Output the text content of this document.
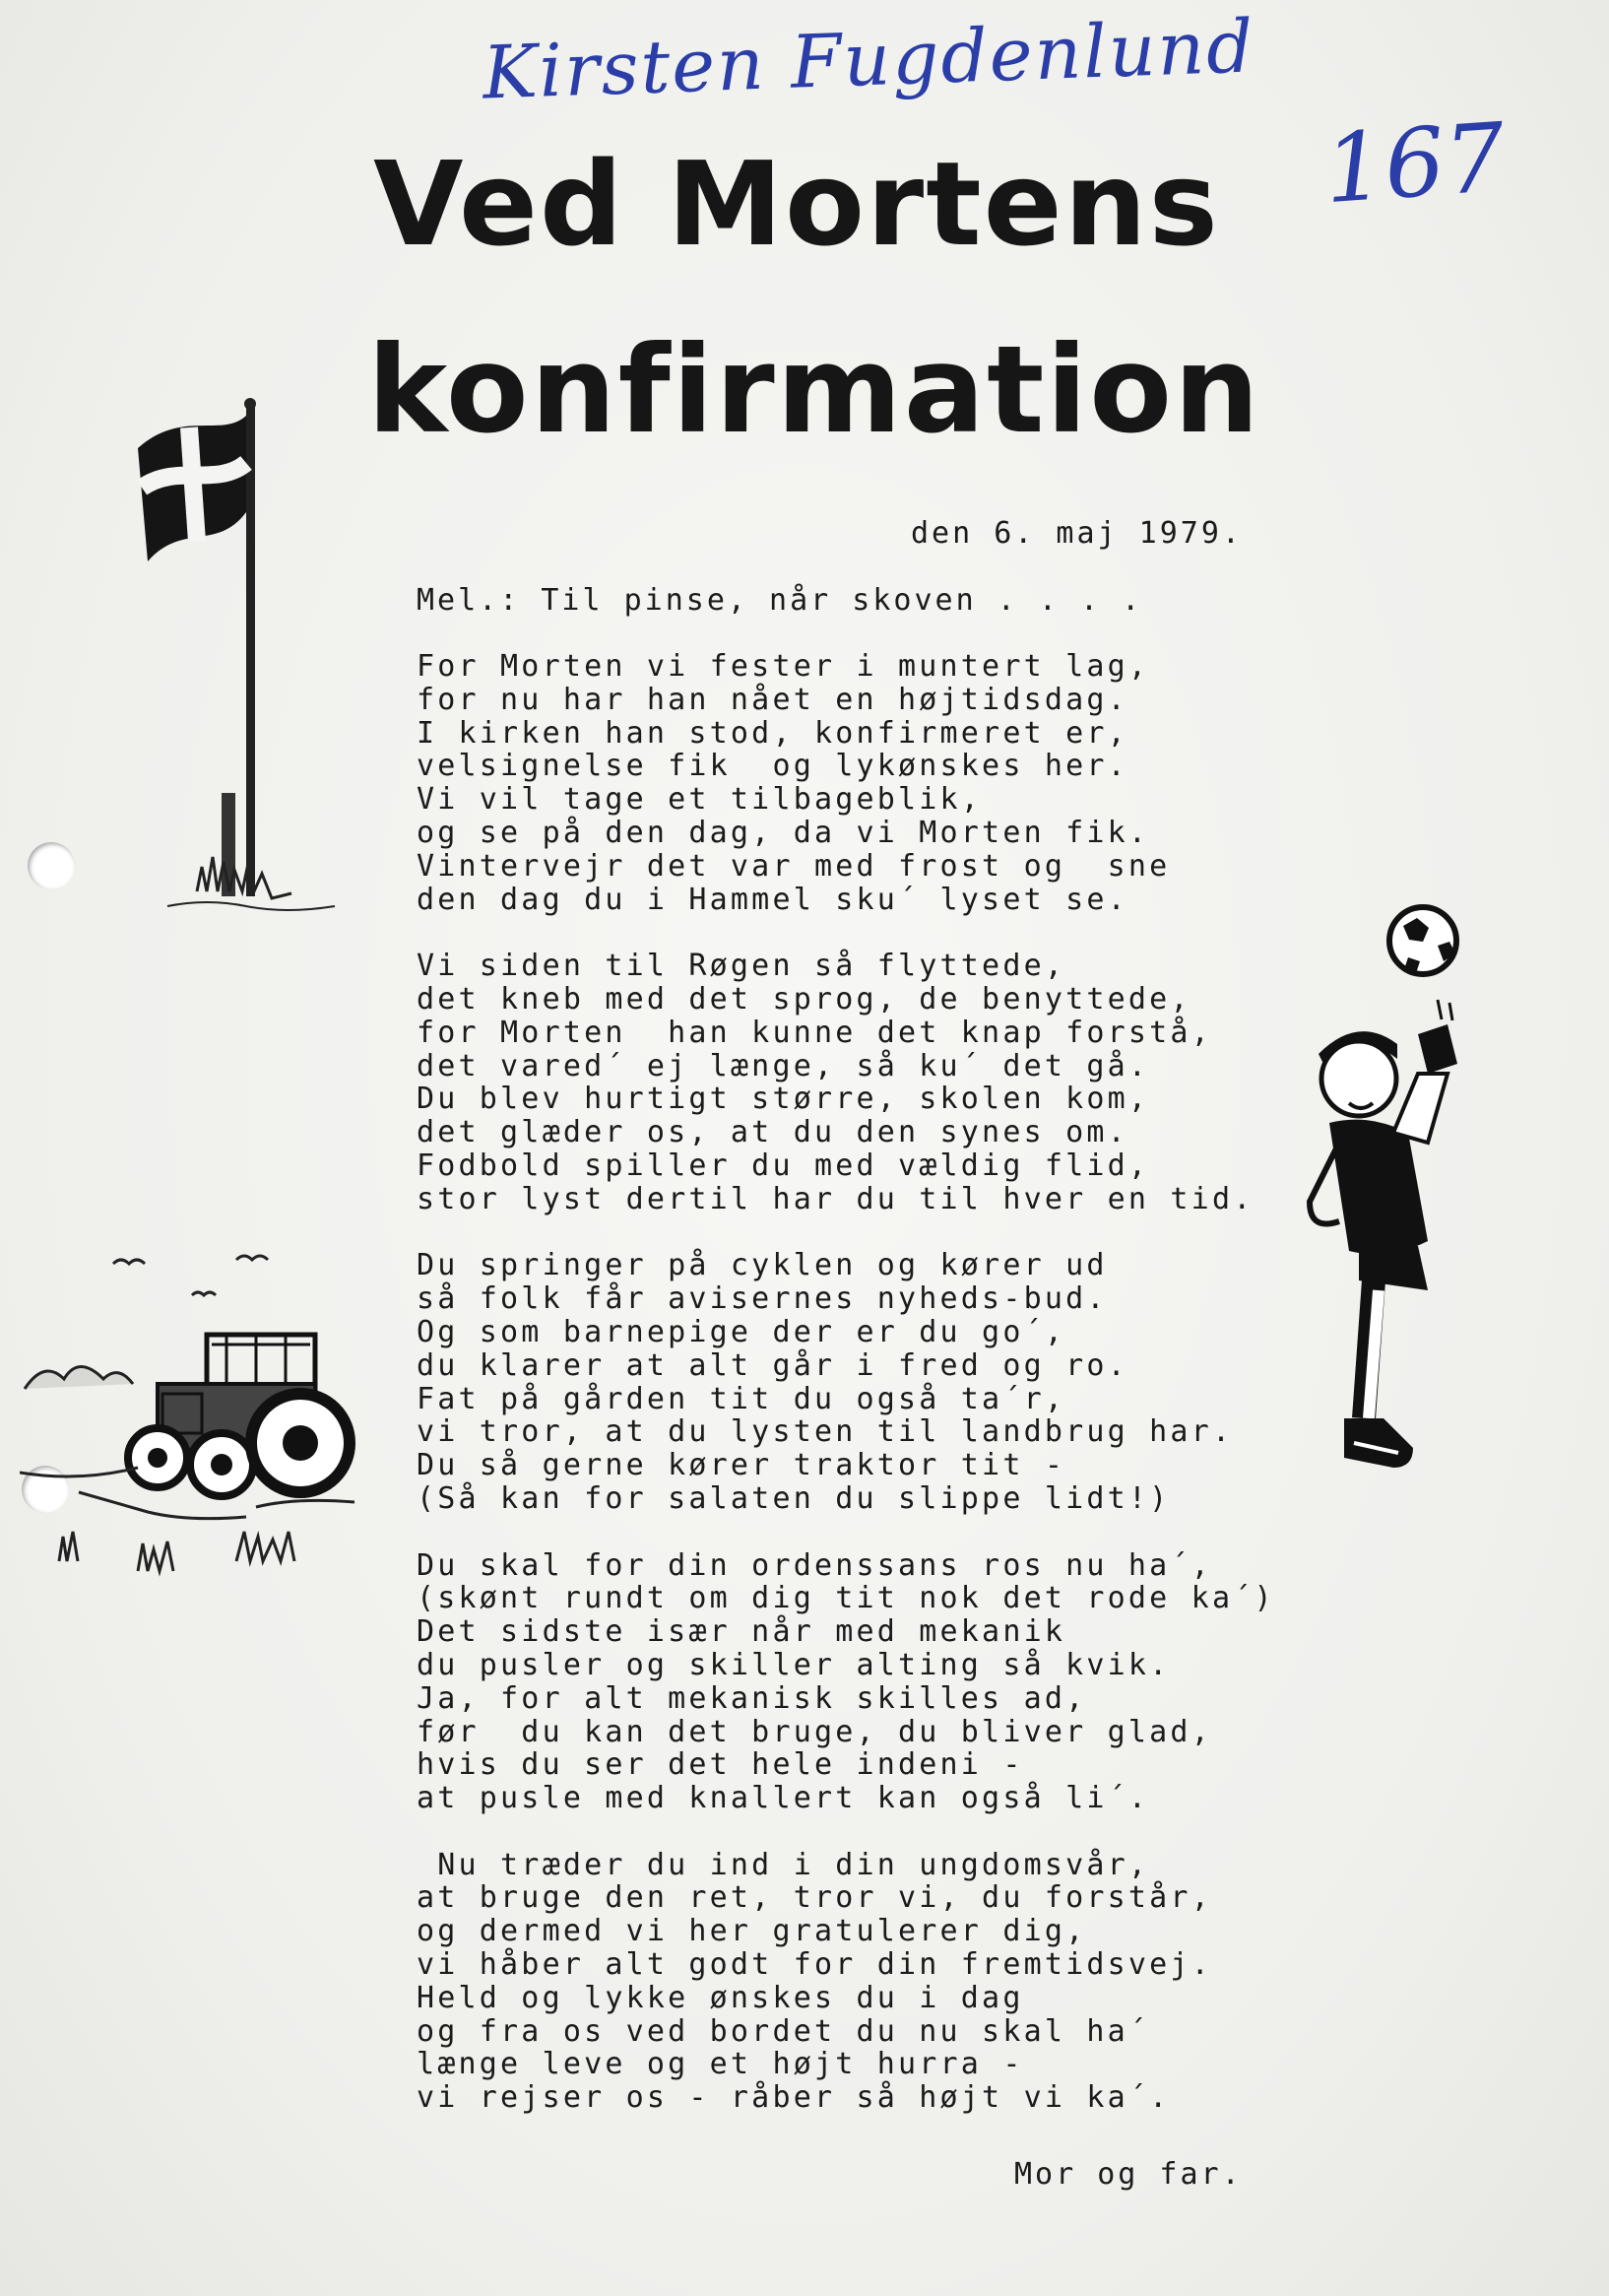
Kirsten Fugdenlund
167
Ved Mortens
konfirmation
den 6. maj 1979.
Mel.: Til pinse, når skoven . . . .
For Morten vi fester i muntert lag,
for nu har han nået en højtidsdag.
I kirken han stod, konfirmeret er,
velsignelse fik  og lykønskes her.
Vi vil tage et tilbageblik,
og se på den dag, da vi Morten fik.
Vintervejr det var med frost og  sne
den dag du i Hammel sku´ lyset se.
Vi siden til Røgen så flyttede,
det kneb med det sprog, de benyttede,
for Morten  han kunne det knap forstå,
det vared´ ej længe, så ku´ det gå.
Du blev hurtigt større, skolen kom,
det glæder os, at du den synes om.
Fodbold spiller du med vældig flid,
stor lyst dertil har du til hver en tid.
Du springer på cyklen og kører ud
så folk får avisernes nyheds-bud.
Og som barnepige der er du go´,
du klarer at alt går i fred og ro.
Fat på gården tit du også ta´r,
vi tror, at du lysten til landbrug har.
Du så gerne kører traktor tit -
(Så kan for salaten du slippe lidt!)
Du skal for din ordenssans ros nu ha´,
(skønt rundt om dig tit nok det rode ka´)
Det sidste især når med mekanik
du pusler og skiller alting så kvik.
Ja, for alt mekanisk skilles ad,
før  du kan det bruge, du bliver glad,
hvis du ser det hele indeni -
at pusle med knallert kan også li´.
Nu træder du ind i din ungdomsvår,
at bruge den ret, tror vi, du forstår,
og dermed vi her gratulerer dig,
vi håber alt godt for din fremtidsvej.
Held og lykke ønskes du i dag
og fra os ved bordet du nu skal ha´
længe leve og et højt hurra -
vi rejser os - råber så højt vi ka´.
Mor og far.
